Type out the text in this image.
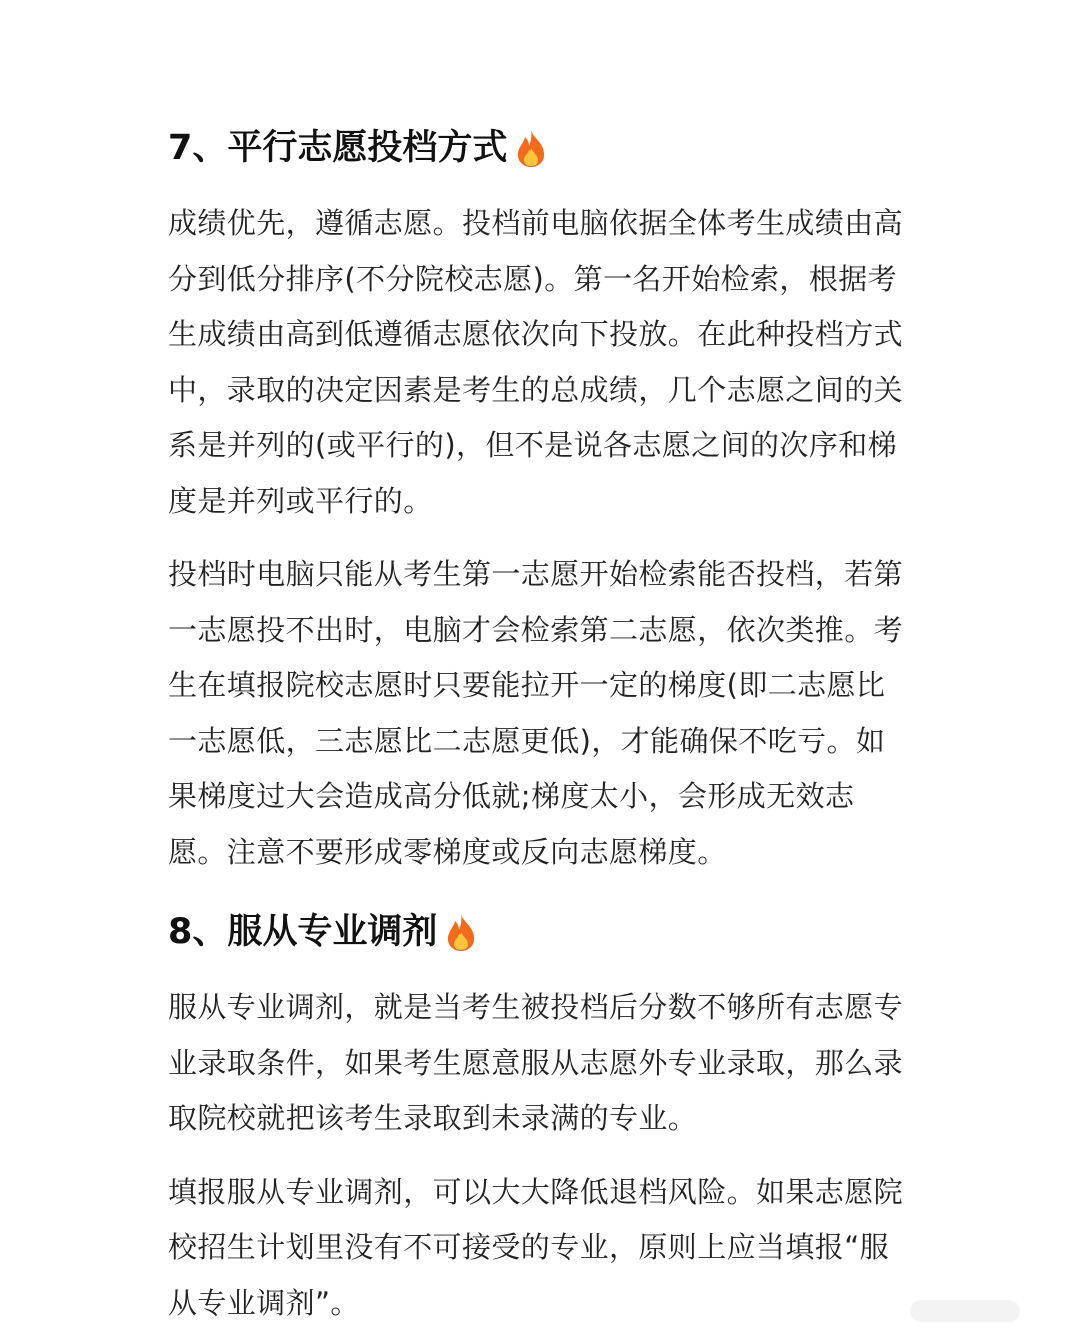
7、平行志愿投档方式

成绩优先，遵循志愿。投档前电脑依据全体考生成绩由高分到低分排序(不分院校志愿)。第一名开始检索，根据考生成绩由高到低遵循志愿依次向下投放。在此种投档方式中，录取的决定因素是考生的总成绩，几个志愿之间的关系是并列的(或平行的)，但不是说各志愿之间的次序和梯度是并列或平行的。

投档时电脑只能从考生第一志愿开始检索能否投档，若第一志愿投不出时，电脑才会检索第二志愿，依次类推。考生在填报院校志愿时只要能拉开一定的梯度(即二志愿比一志愿低，三志愿比二志愿更低)，才能确保不吃亏。如果梯度过大会造成高分低就;梯度太小，会形成无效志愿。注意不要形成零梯度或反向志愿梯度。

8、服从专业调剂

服从专业调剂，就是当考生被投档后分数不够所有志愿专业录取条件，如果考生愿意服从志愿外专业录取，那么录取院校就把该考生录取到未录满的专业。

填报服从专业调剂，可以大大降低退档风险。如果志愿院校招生计划里没有不可接受的专业，原则上应当填报“服从专业调剂”。
